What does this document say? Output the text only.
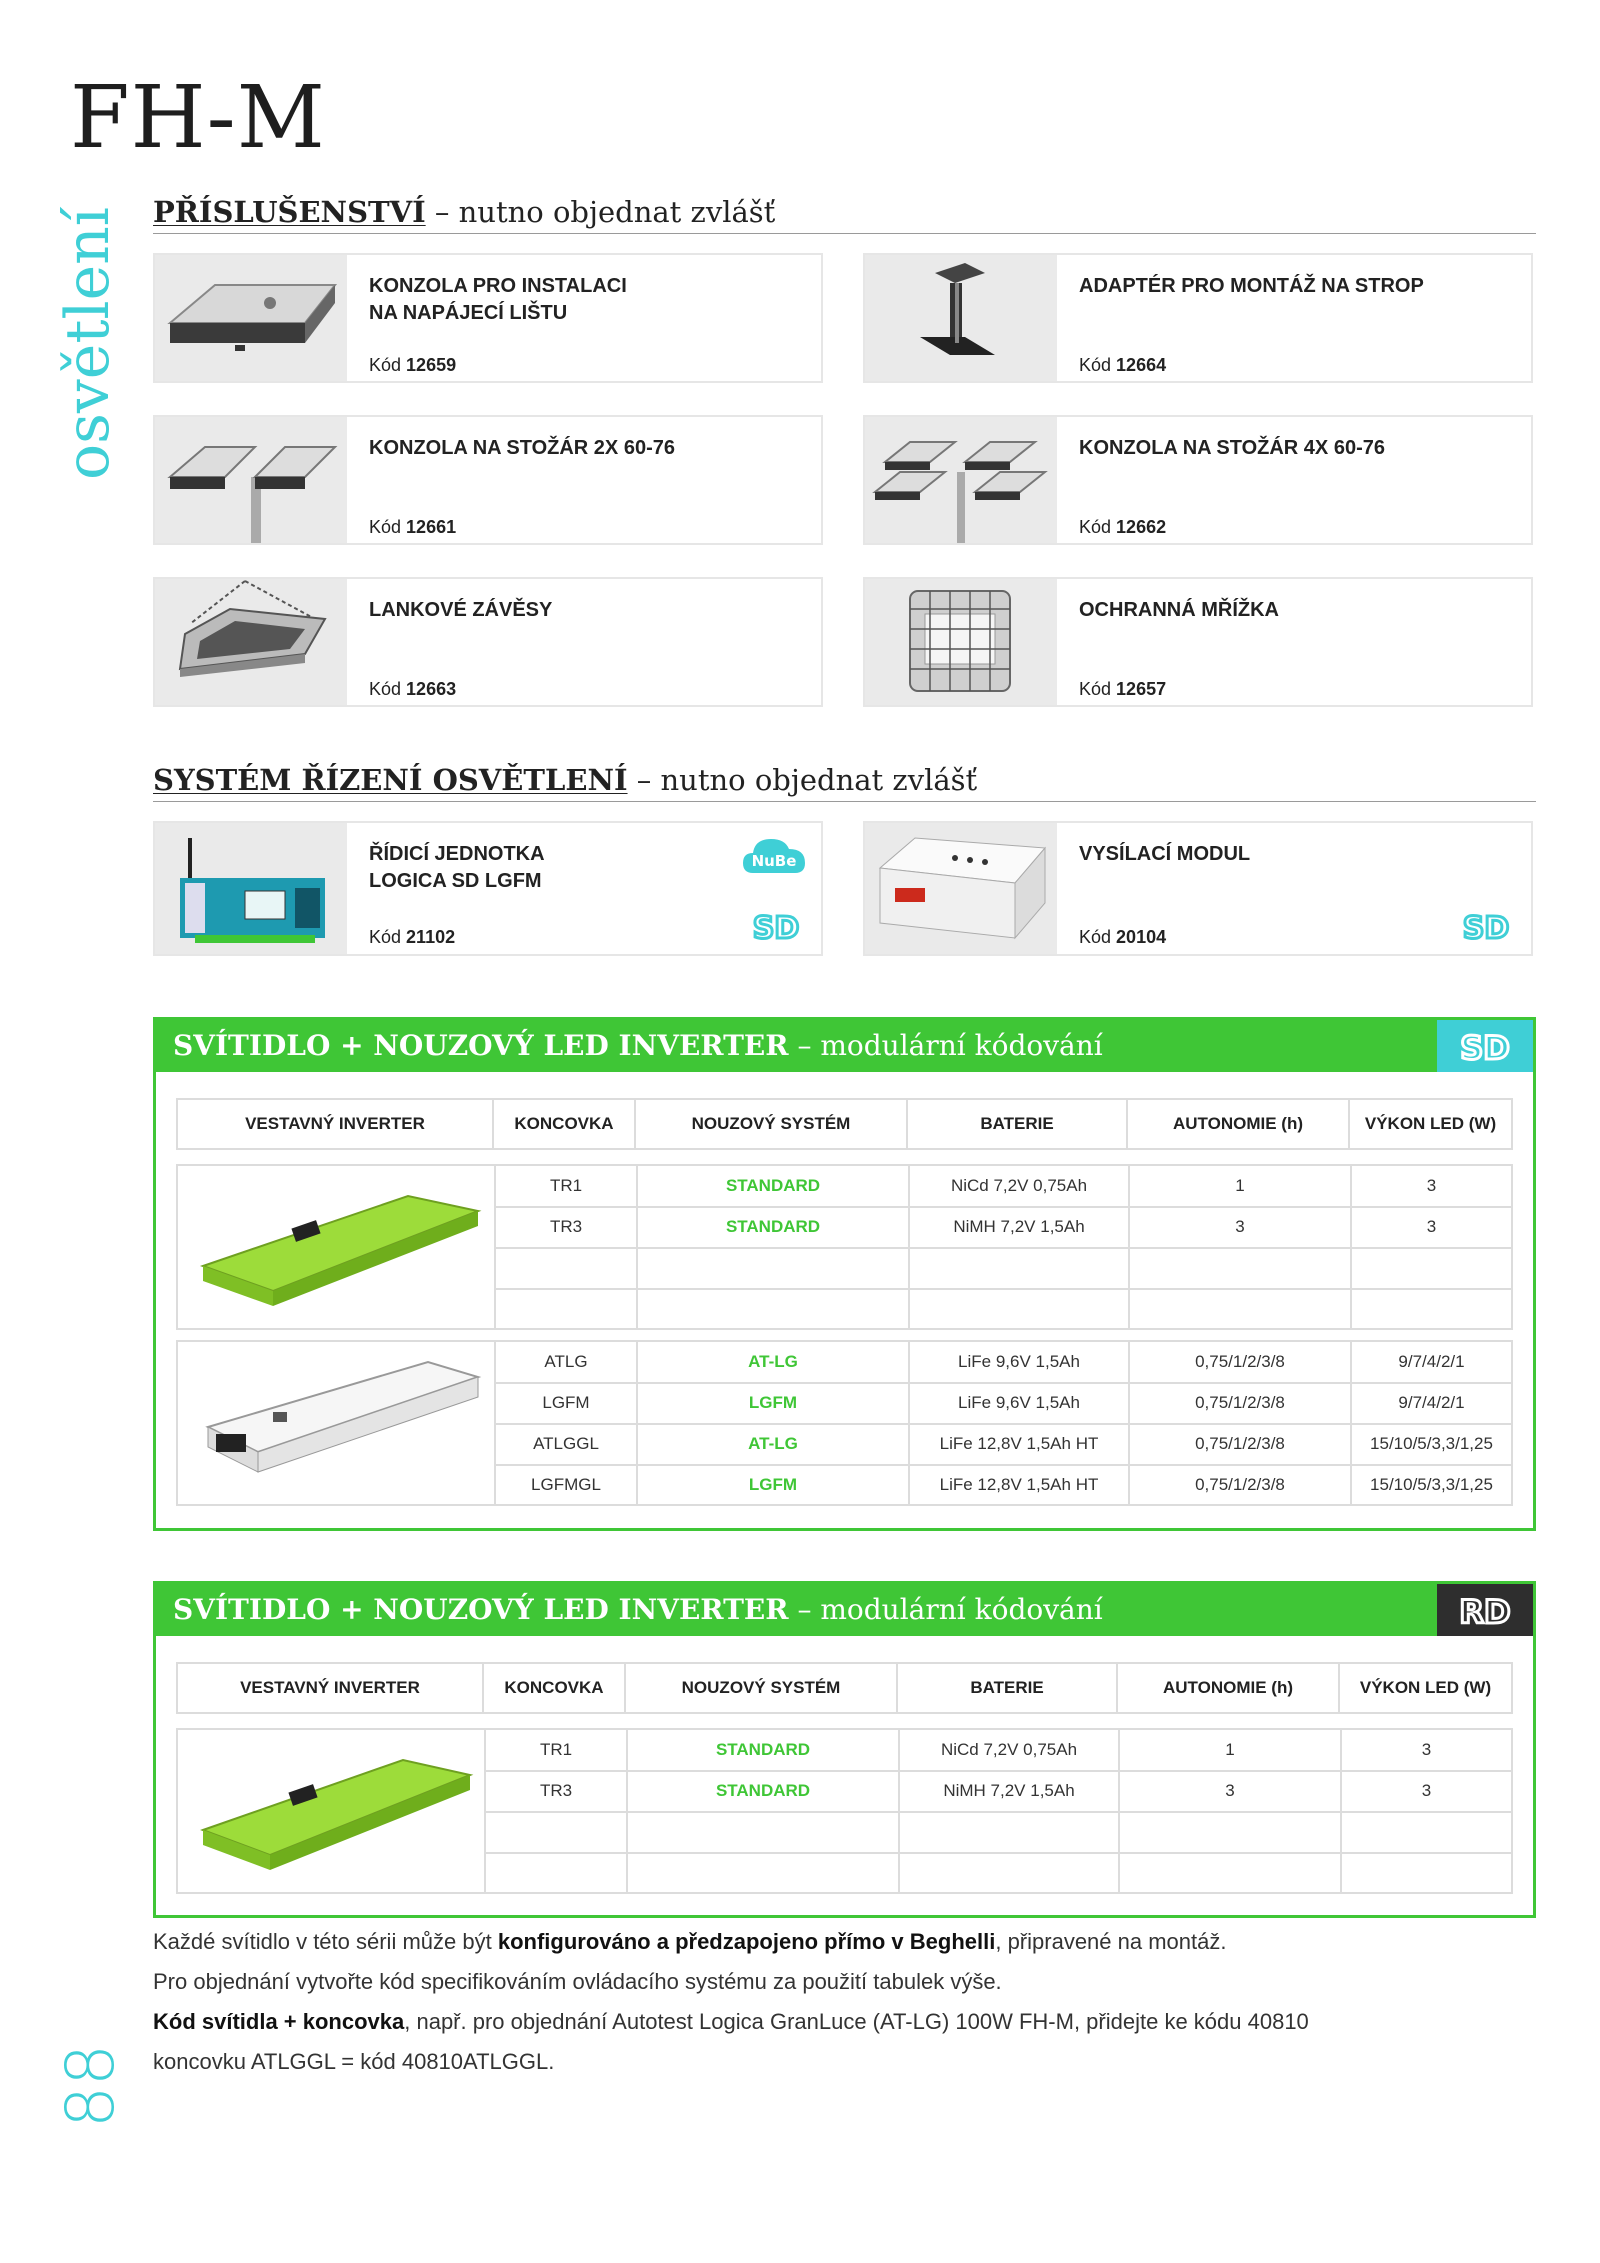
FH-M
osvětlení
88
PŘÍSLUŠENSTVÍ – nutno objednat zvlášť
KONZOLA PRO INSTALACI
NA NAPÁJECÍ LIŠTU
Kód 12659
ADAPTÉR PRO MONTÁŽ NA STROP
Kód 12664
KONZOLA NA STOŽÁR 2X 60-76
Kód 12661
KONZOLA NA STOŽÁR 4X 60-76
Kód 12662
LANKOVÉ ZÁVĚSY
Kód 12663
OCHRANNÁ MŘÍŽKA
Kód 12657
SYSTÉM ŘÍZENÍ OSVĚTLENÍ – nutno objednat zvlášť
ŘÍDICÍ JEDNOTKA
LOGICA SD LGFM
Kód 21102
NuBe
SD
VYSÍLACÍ MODUL
Kód 20104	SD
SVÍTIDLO + NOUZOVÝ LED INVERTER – modulární kódování	SD
VESTAVNÝ INVERTER	KONCOVKA	NOUZOVÝ SYSTÉM	BATERIE	AUTONOMIE (h)	VÝKON LED (W)
TR1	STANDARD	NiCd 7,2V 0,75Ah	1	3
TR3	STANDARD	NiMH 7,2V 1,5Ah	3	3
ATLG	AT-LG	LiFe 9,6V 1,5Ah	0,75/1/2/3/8	9/7/4/2/1
LGFM	LGFM	LiFe 9,6V 1,5Ah	0,75/1/2/3/8	9/7/4/2/1
ATLGGL	AT-LG	LiFe 12,8V 1,5Ah HT	0,75/1/2/3/8	15/10/5/3,3/1,25
LGFMGL	LGFM	LiFe 12,8V 1,5Ah HT	0,75/1/2/3/8	15/10/5/3,3/1,25
SVÍTIDLO + NOUZOVÝ LED INVERTER – modulární kódování	RD
VESTAVNÝ INVERTER	KONCOVKA	NOUZOVÝ SYSTÉM	BATERIE	AUTONOMIE (h)	VÝKON LED (W)
TR1	STANDARD	NiCd 7,2V 0,75Ah	1	3
TR3	STANDARD	NiMH 7,2V 1,5Ah	3	3
Každé svítidlo v této sérii může být konfigurováno a předzapojeno přímo v Beghelli, připravené na montáž.
Pro objednání vytvořte kód specifikováním ovládacího systému za použití tabulek výše.
Kód svítidla + koncovka, např. pro objednání Autotest Logica GranLuce (AT-LG) 100W FH-M, přidejte ke kódu 40810
koncovku ATLGGL = kód 40810ATLGGL.
